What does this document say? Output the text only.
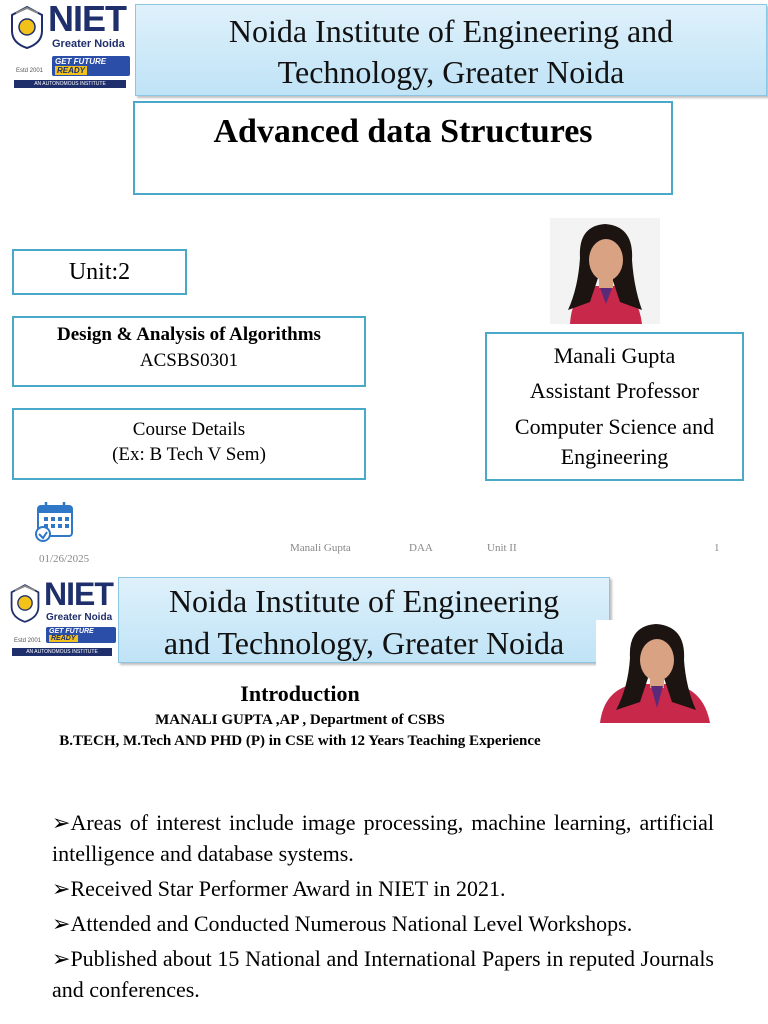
NIET
Greater Noida
Estd 2001
GET FUTURE READY
AN AUTONOMOUS INSTITUTE
Noida Institute of Engineering and
Technology, Greater Noida
Advanced data Structures
Unit:2
Design & Analysis of Algorithms
ACSBS0301
Course Details
(Ex: B Tech V Sem)
Manali Gupta
Assistant Professor
Computer Science and
Engineering
01/26/2025
Manali Gupta	DAA	Unit II	1
NIET
Greater Noida
Estd 2001
GET FUTURE READY
AN AUTONOMOUS INSTITUTE
Noida Institute of Engineering
and Technology, Greater Noida
Introduction
MANALI GUPTA ,AP , Department of CSBS
B.TECH, M.Tech AND PHD (P) in CSE with 12 Years Teaching Experience

➢Areas of interest include image processing, machine learning, artificial intelligence and database systems.

➢Received Star Performer Award in NIET in 2021.

➢Attended and Conducted Numerous National Level Workshops.

➢Published about 15 National and International Papers in reputed Journals and conferences.
